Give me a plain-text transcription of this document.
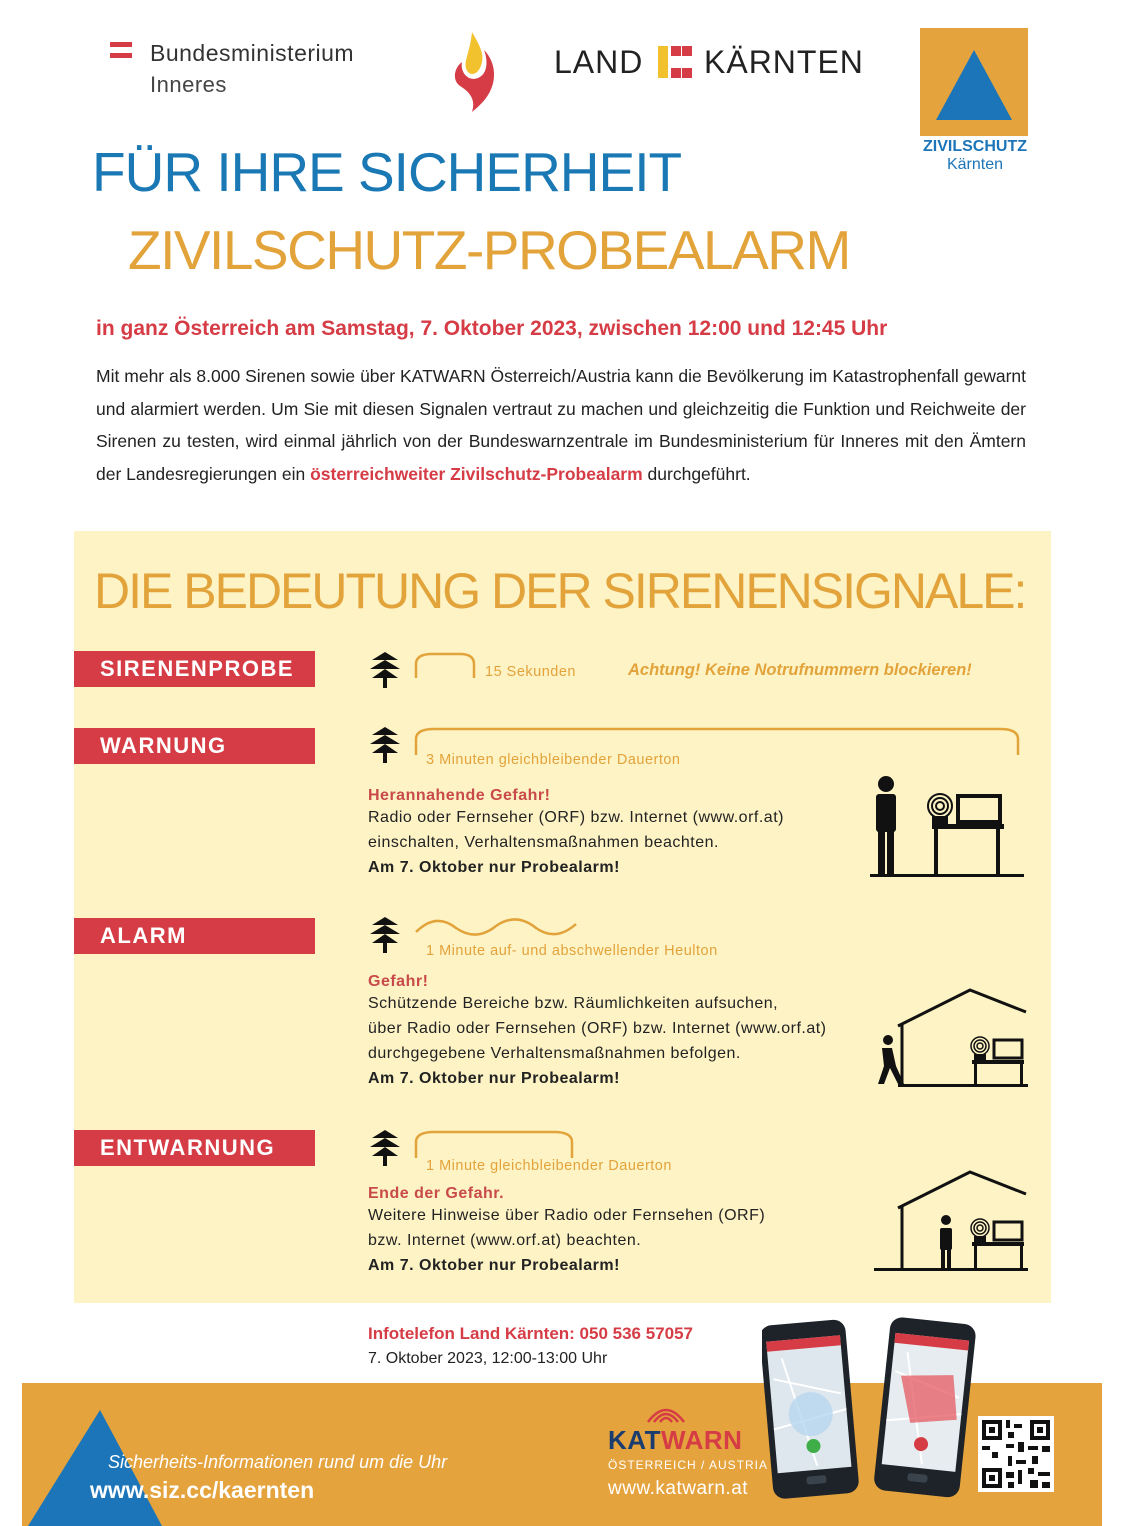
Bundesministerium
Inneres
LAND KÄRNTEN
ZIVILSCHUTZ
Kärnten
FÜR IHRE SICHERHEIT
ZIVILSCHUTZ-PROBEALARM
in ganz Österreich am Samstag, 7. Oktober 2023, zwischen 12:00 und 12:45 Uhr
Mit mehr als 8.000 Sirenen sowie über KATWARN Österreich/Austria kann die Bevölkerung im Katastrophenfall gewarnt und alarmiert werden. Um Sie mit diesen Signalen vertraut zu machen und gleichzeitig die Funktion und Reichweite der Sirenen zu testen, wird einmal jährlich von der Bundeswarnzentrale im Bundesministerium für Inneres mit den Ämtern der Landesregierungen ein österreichweiter Zivilschutz-Probealarm durchgeführt.
DIE BEDEUTUNG DER SIRENENSIGNALE:
SIRENENPROBE	15 Sekunden	Achtung! Keine Notrufnummern blockieren!
WARNUNG
3 Minuten gleichbleibender Dauerton
Herannahende Gefahr!
Radio oder Fernseher (ORF) bzw. Internet (www.orf.at)
einschalten, Verhaltensmaßnahmen beachten.
Am 7. Oktober nur Probealarm!
ALARM
1 Minute auf- und abschwellender Heulton
Gefahr!
Schützende Bereiche bzw. Räumlichkeiten aufsuchen,
über Radio oder Fernsehen (ORF) bzw. Internet (www.orf.at)
durchgegebene Verhaltensmaßnahmen befolgen.
Am 7. Oktober nur Probealarm!
ENTWARNUNG
1 Minute gleichbleibender Dauerton
Ende der Gefahr.
Weitere Hinweise über Radio oder Fernsehen (ORF)
bzw. Internet (www.orf.at) beachten.
Am 7. Oktober nur Probealarm!
Infotelefon Land Kärnten: 050 536 57057
7. Oktober 2023, 12:00-13:00 Uhr
Sicherheits-Informationen rund um die Uhr
www.siz.cc/kaernten
KATWARN
ÖSTERREICH / AUSTRIA
www.katwarn.at
